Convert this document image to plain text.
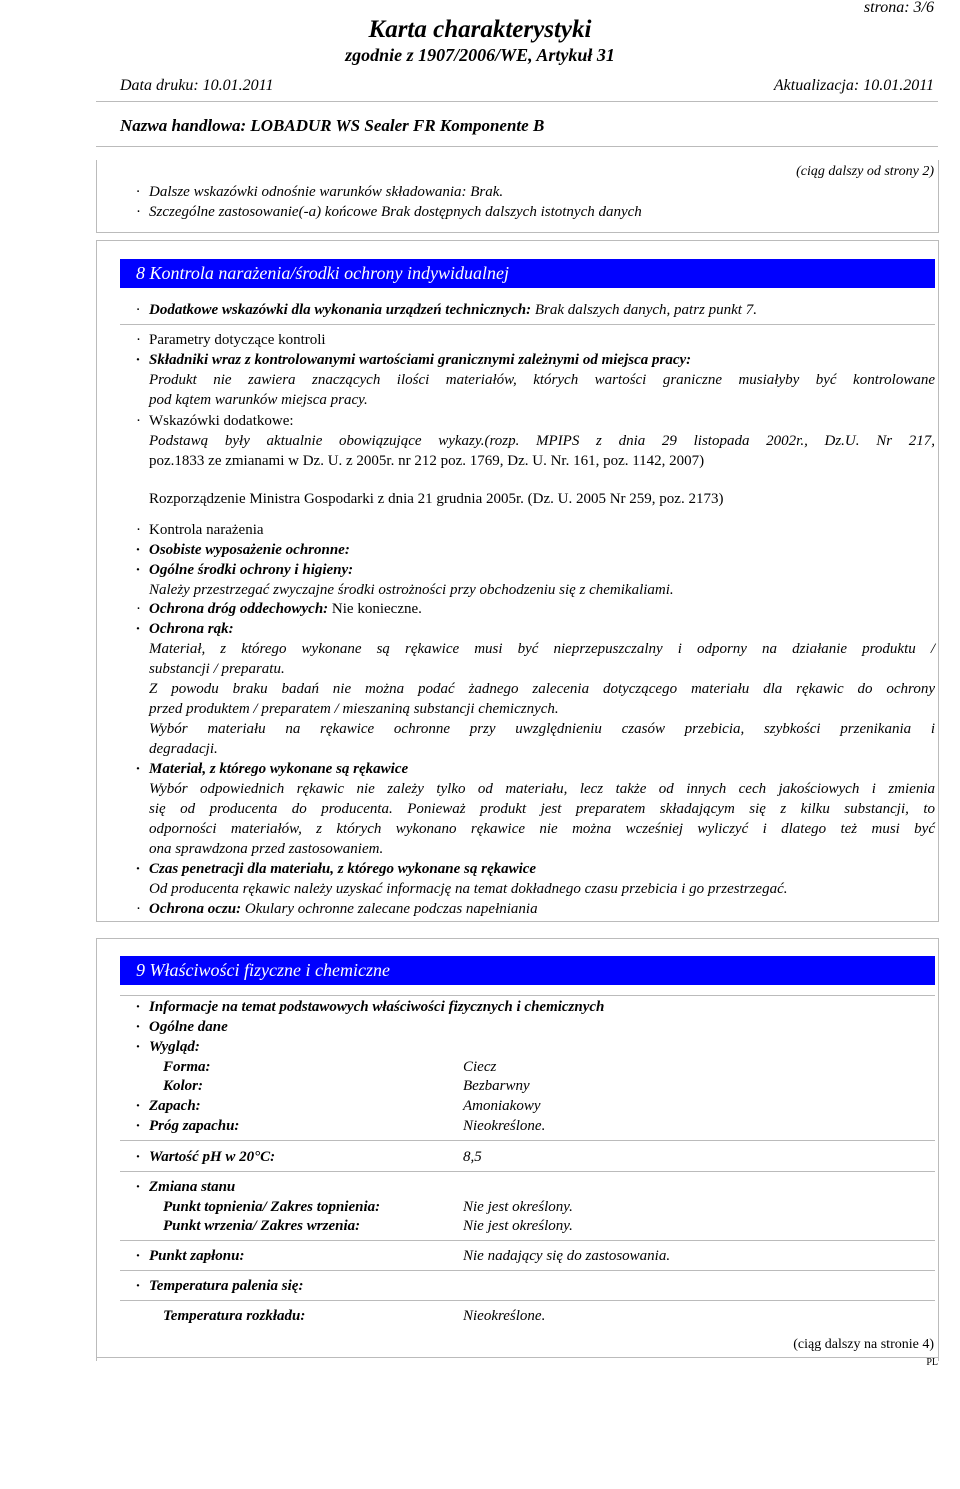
strona: 3/6
Karta charakterystyki
zgodnie z 1907/2006/WE, Artykuł 31
Data druku: 10.01.2011	Aktualizacja: 10.01.2011
Nazwa handlowa: LOBADUR WS Sealer FR Komponente B
(ciąg dalszy od strony 2)
· Dalsze wskazówki odnośnie warunków składowania: Brak.
· Szczególne zastosowanie(-a) końcowe Brak dostępnych dalszych istotnych danych
8 Kontrola narażenia/środki ochrony indywidualnej
· Dodatkowe wskazówki dla wykonania urządzeń technicznych: Brak dalszych danych, patrz punkt 7.
· Parametry dotyczące kontroli
· Składniki wraz z kontrolowanymi wartościami granicznymi zależnymi od miejsca pracy:
Produkt nie zawiera znaczących ilości materiałów, których wartości graniczne musiałyby być kontrolowane
pod kątem warunków miejsca pracy.
· Wskazówki dodatkowe:
Podstawą były aktualnie obowiązujące wykazy.(rozp. MPIPS z dnia 29 listopada 2002r., Dz.U. Nr 217,
poz.1833 ze zmianami w Dz. U. z 2005r. nr 212 poz. 1769, Dz. U. Nr. 161, poz. 1142, 2007)
Rozporządzenie Ministra Gospodarki z dnia 21 grudnia 2005r. (Dz. U. 2005 Nr 259, poz. 2173)
· Kontrola narażenia
· Osobiste wyposażenie ochronne:
· Ogólne środki ochrony i higieny:
Należy przestrzegać zwyczajne środki ostrożności przy obchodzeniu się z chemikaliami.
· Ochrona dróg oddechowych: Nie konieczne.
· Ochrona rąk:
Materiał, z którego wykonane są rękawice musi być nieprzepuszczalny i odporny na działanie produktu /
substancji / preparatu.
Z powodu braku badań nie można podać żadnego zalecenia dotyczącego materiału dla rękawic do ochrony
przed produktem / preparatem / mieszaniną substancji chemicznych.
Wybór materiału na rękawice ochronne przy uwzględnieniu czasów przebicia, szybkości przenikania i
degradacji.
· Materiał, z którego wykonane są rękawice
Wybór odpowiednich rękawic nie zależy tylko od materiału, lecz także od innych cech jakościowych i zmienia
się od producenta do producenta. Ponieważ produkt jest preparatem składającym się z kilku substancji, to
odporności materiałów, z których wykonano rękawice nie można wcześniej wyliczyć i dlatego też musi być
ona sprawdzona przed zastosowaniem.
· Czas penetracji dla materiału, z którego wykonane są rękawice
Od producenta rękawic należy uzyskać informację na temat dokładnego czasu przebicia i go przestrzegać.
· Ochrona oczu: Okulary ochronne zalecane podczas napełniania
9 Właściwości fizyczne i chemiczne
· Informacje na temat podstawowych właściwości fizycznych i chemicznych
· Ogólne dane
· Wygląd:
Forma:	Ciecz
Kolor:	Bezbarwny
· Zapach:	Amoniakowy
· Próg zapachu:	Nieokreślone.
· Wartość pH w 20°C:	8,5
· Zmiana stanu
Punkt topnienia/ Zakres topnienia:	Nie jest określony.
Punkt wrzenia/ Zakres wrzenia:	Nie jest określony.
· Punkt zapłonu:	Nie nadający się do zastosowania.
· Temperatura palenia się:
Temperatura rozkładu:	Nieokreślone.
(ciąg dalszy na stronie 4)
PL
